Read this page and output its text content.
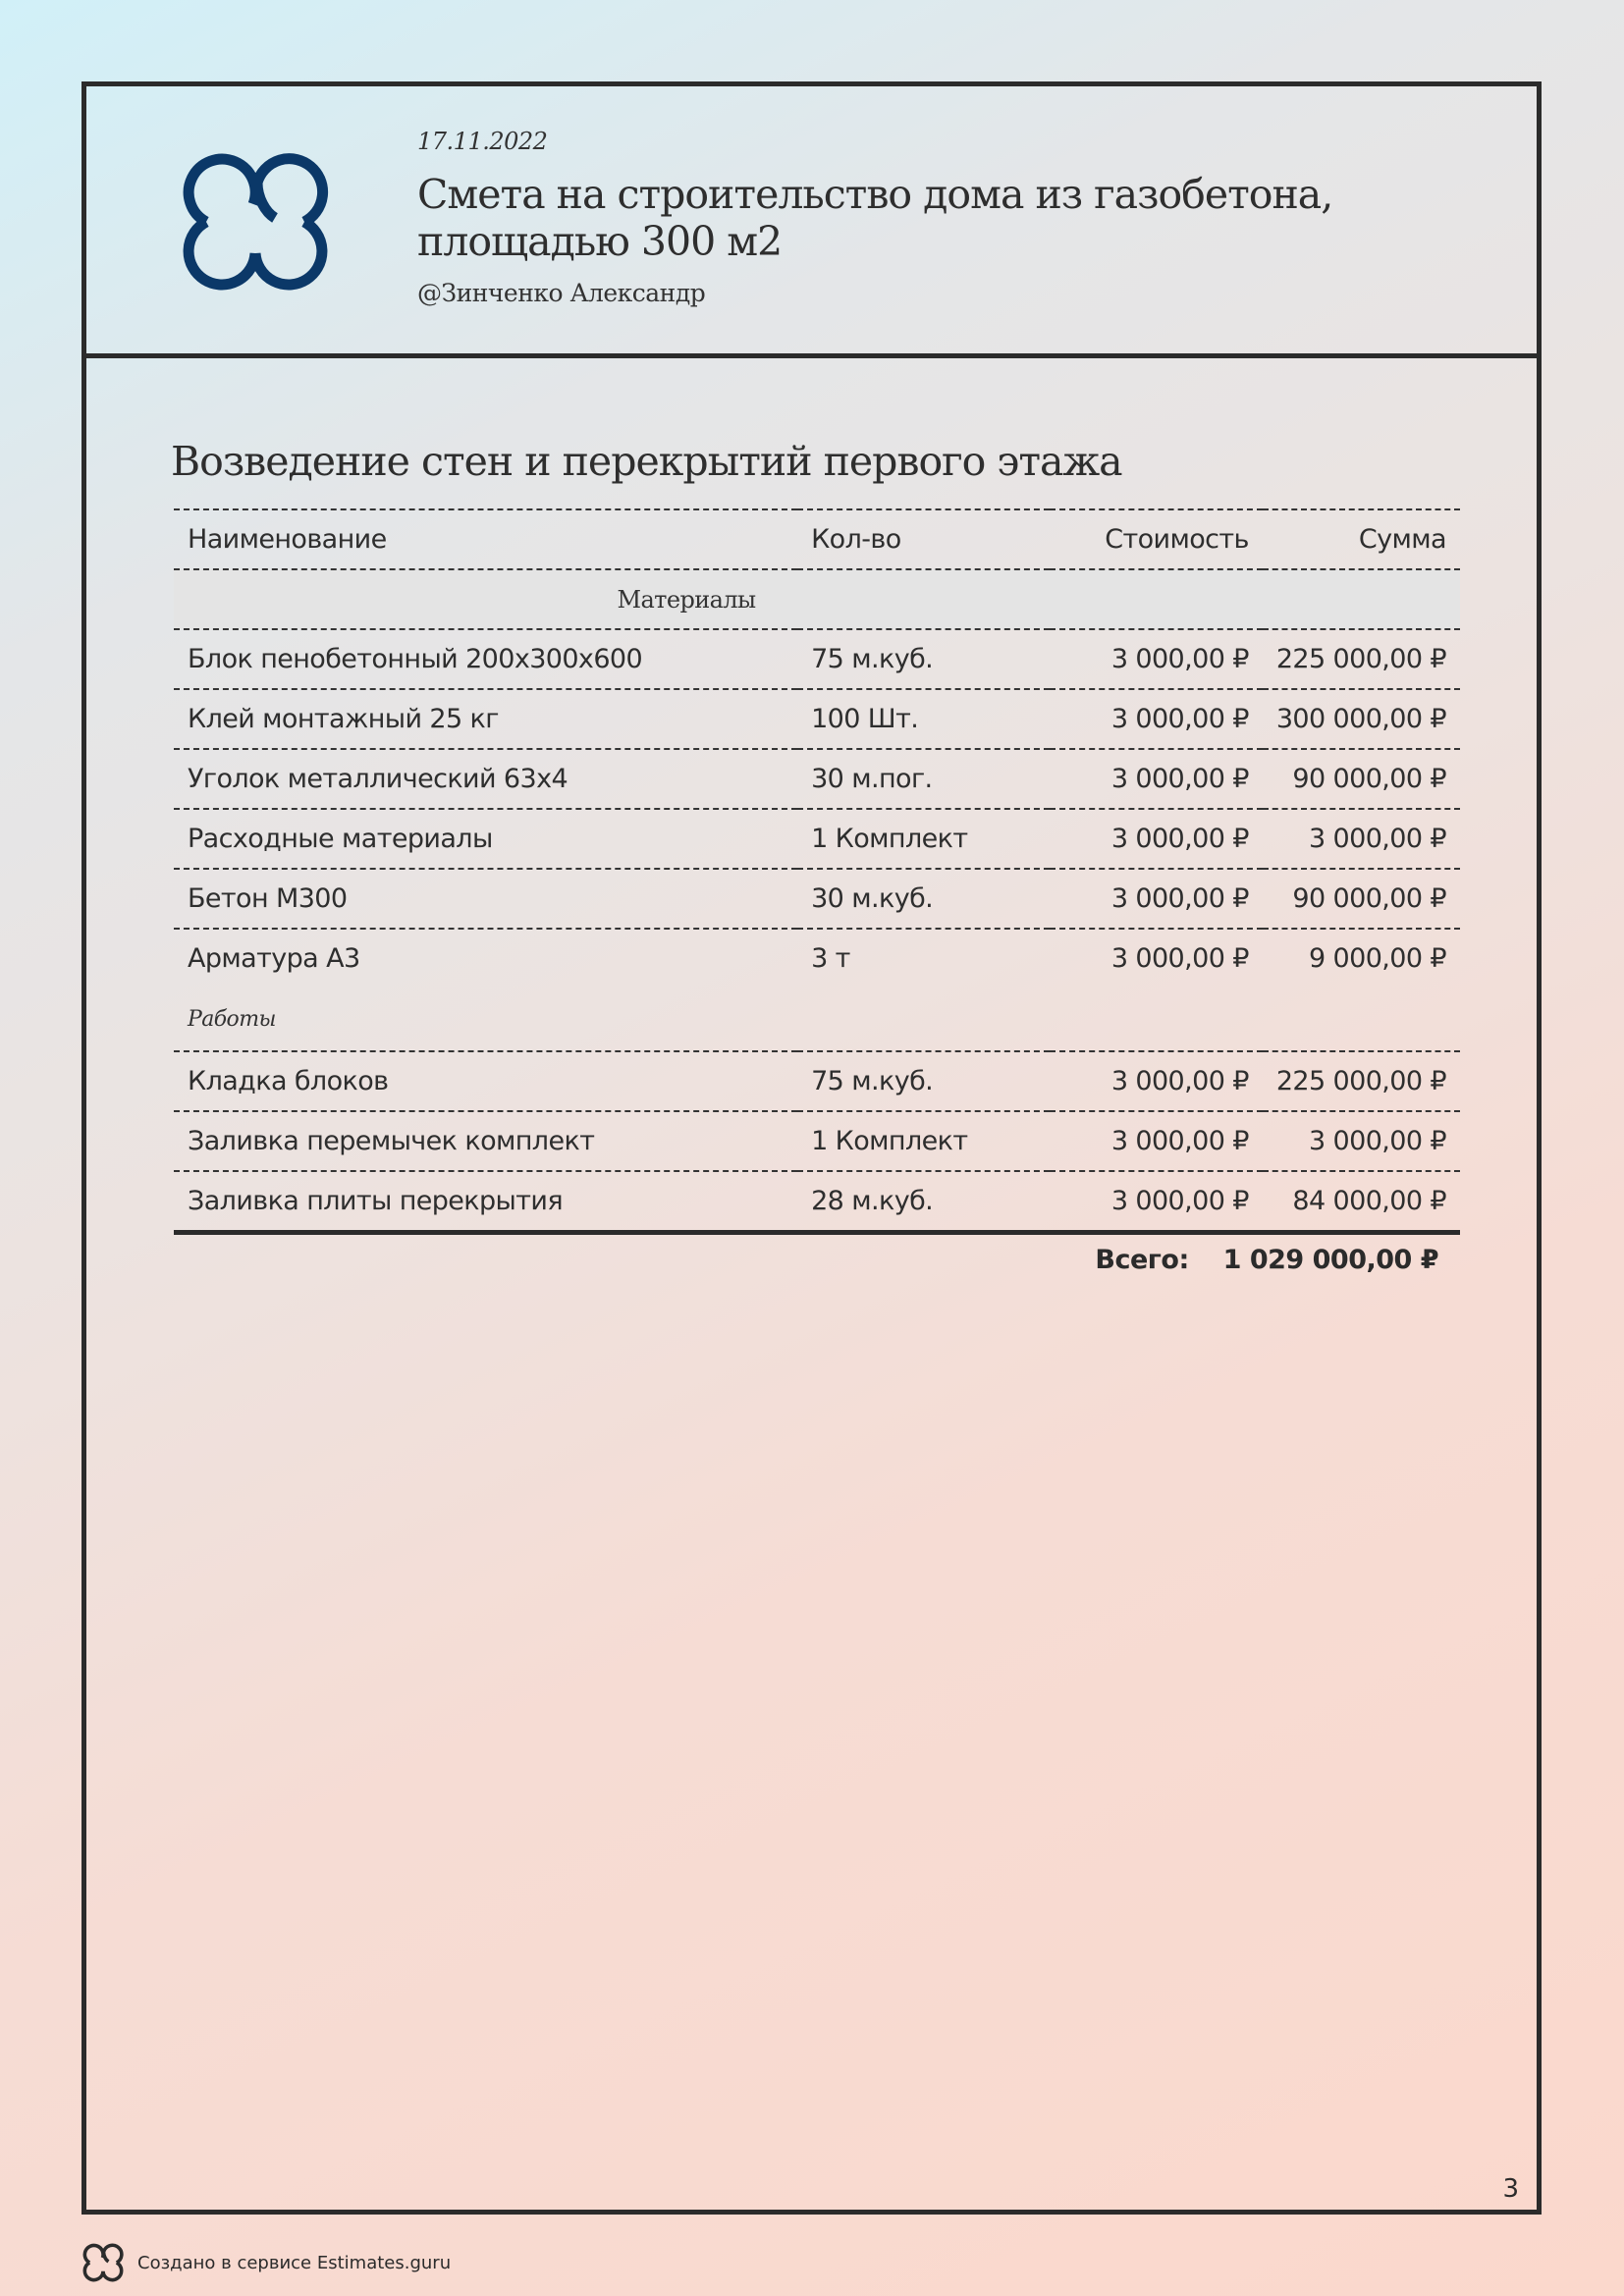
17.11.2022
Смета на строительство дома из газобетона, площадью 300 м2
@Зинченко Александр
Возведение стен и перекрытий первого этажа
Наименование	Кол-во	Стоимость	Сумма
Материалы			
Блок пенобетонный 200x300x600	75 м.куб.	3 000,00 ₽	225 000,00 ₽
Клей монтажный 25 кг	100 Шт.	3 000,00 ₽	300 000,00 ₽
Уголок металлический 63x4	30 м.пог.	3 000,00 ₽	90 000,00 ₽
Расходные материалы	1 Комплект	3 000,00 ₽	3 000,00 ₽
Бетон М300	30 м.куб.	3 000,00 ₽	90 000,00 ₽
Арматура А3	3 т	3 000,00 ₽	9 000,00 ₽
Работы			
Кладка блоков	75 м.куб.	3 000,00 ₽	225 000,00 ₽
Заливка перемычек комплект	1 Комплект	3 000,00 ₽	3 000,00 ₽
Заливка плиты перекрытия	28 м.куб.	3 000,00 ₽	84 000,00 ₽
Всего: 1 029 000,00 ₽
3
Создано в сервисе Estimates.guru
